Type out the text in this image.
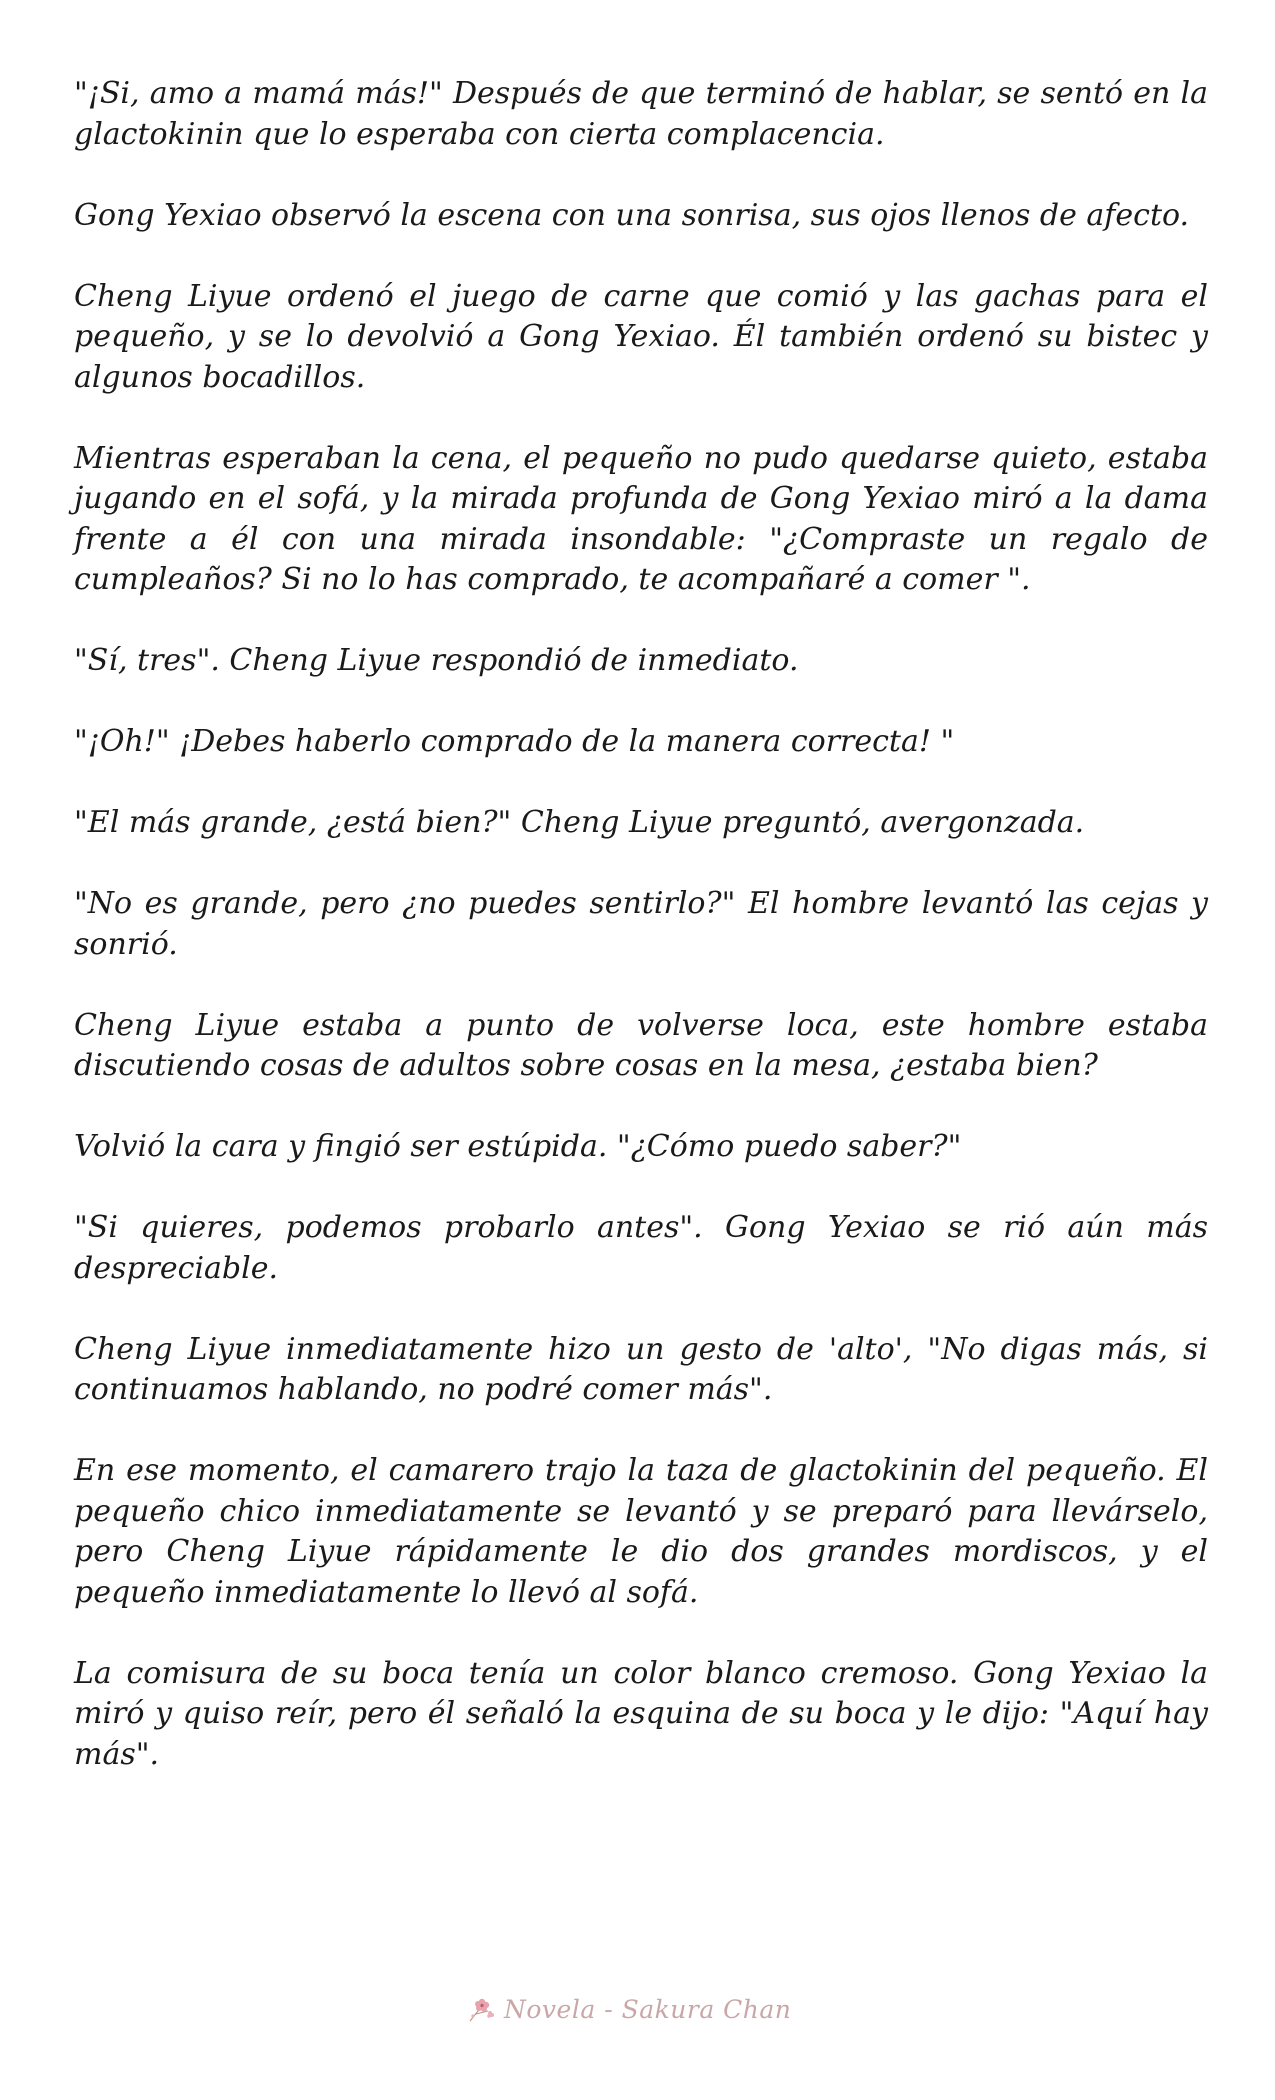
"¡Si, amo a mamá más!" Después de que terminó de hablar, se sentó en la glactokinin que lo esperaba con cierta complacencia.

Gong Yexiao observó la escena con una sonrisa, sus ojos llenos de afecto.

Cheng Liyue ordenó el juego de carne que comió y las gachas para el pequeño, y se lo devolvió a Gong Yexiao. Él también ordenó su bistec y algunos bocadillos.

Mientras esperaban la cena, el pequeño no pudo quedarse quieto, estaba jugando en el sofá, y la mirada profunda de Gong Yexiao miró a la dama frente a él con una mirada insondable: "¿Compraste un regalo de cumpleaños? Si no lo has comprado, te acompañaré a comer ".

"Sí, tres". Cheng Liyue respondió de inmediato.

"¡Oh!" ¡Debes haberlo comprado de la manera correcta! "

"El más grande, ¿está bien?" Cheng Liyue preguntó, avergonzada.

"No es grande, pero ¿no puedes sentirlo?" El hombre levantó las cejas y sonrió.

Cheng Liyue estaba a punto de volverse loca, este hombre estaba discutiendo cosas de adultos sobre cosas en la mesa, ¿estaba bien?

Volvió la cara y fingió ser estúpida. "¿Cómo puedo saber?"

"Si quieres, podemos probarlo antes". Gong Yexiao se rió aún más despreciable.

Cheng Liyue inmediatamente hizo un gesto de 'alto', "No digas más, si continuamos hablando, no podré comer más".

En ese momento, el camarero trajo la taza de glactokinin del pequeño. El pequeño chico inmediatamente se levantó y se preparó para llevárselo, pero Cheng Liyue rápidamente le dio dos grandes mordiscos, y el pequeño inmediatamente lo llevó al sofá.

La comisura de su boca tenía un color blanco cremoso. Gong Yexiao la miró y quiso reír, pero él señaló la esquina de su boca y le dijo: "Aquí hay más".

Novela - Sakura Chan
